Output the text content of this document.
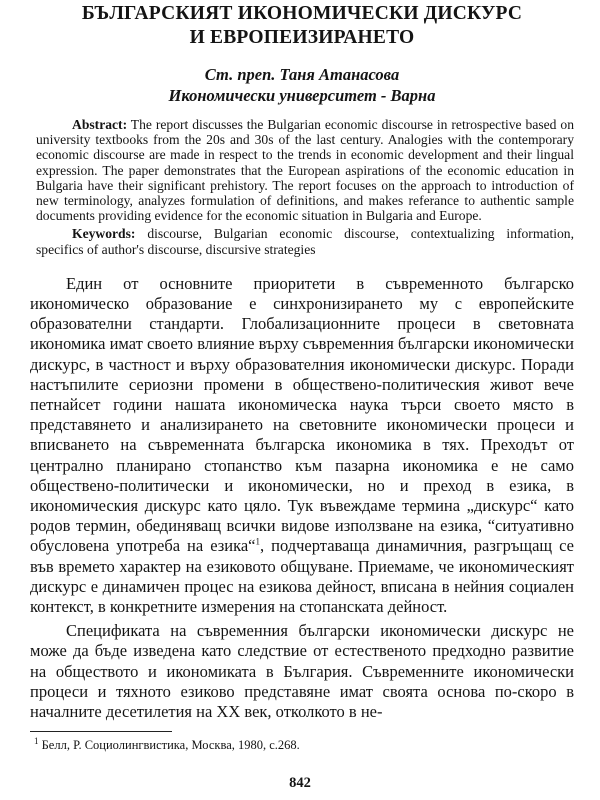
БЪЛГАРСКИЯТ ИКОНОМИЧЕСКИ ДИСКУРС
И ЕВРОПЕИЗИРАНЕТО

Ст. преп. Таня Атанасова

Икономически университет - Варна

Abstract: The report discusses the Bulgarian economic discourse in retrospective based on university textbooks from the 20s and 30s of the last century. Analogies with the contemporary economic discourse are made in respect to the trends in economic development and their lingual expression. The paper demonstrates that the European aspirations of the economic education in Bulgaria have their significant prehistory. The report focuses on the approach to introduction of new terminology, analyzes formulation of definitions, and makes referance to authentic sample documents providing evidence for the economic situation in Bulgaria and Europe.

Keywords: discourse, Bulgarian economic discourse, contextualizing information, specifics of author's discourse, discursive strategies

Един от основните приоритети в съвременното българско икономическо образование е синхронизирането му с европейските образователни стандарти. Глобализационните процеси в световната икономика имат своето влияние върху съвременния български икономически дискурс, в частност и върху образователния икономически дискурс. Поради настъпилите сериозни промени в обществено-политическия живот вече петнайсет години нашата икономическа наука търси своето място в представянето и анализирането на световните икономически процеси и вписването на съвременната българска икономика в тях. Преходът от централно планирано стопанство към пазарна икономика е не само обществено-политически и икономически, но и преход в езика, в икономическия дискурс като цяло. Тук въвеждаме термина „дискурс“ като родов термин, обединяващ всички видове използване на езика, “ситуативно обусловена употреба на езика“$^1$, подчертаваща динамичния, разгръщащ се във времето характер на езиковото общуване. Приемаме, че икономическият дискурс е динамичен процес на езикова дейност, вписана в нейния социален контекст, в конкретните измерения на стопанската дейност.

Спецификата на съвременния български икономически дискурс не може да бъде изведена като следствие от естественото предходно развитие на обществото и икономиката в България. Съвременните икономически процеси и тяхното езиково представяне имат своята основа по-скоро в началните десетилетия на XX век, отколкото в не-

$^1$ Белл, Р. Социолингвистика, Москва, 1980, с.268.

842
